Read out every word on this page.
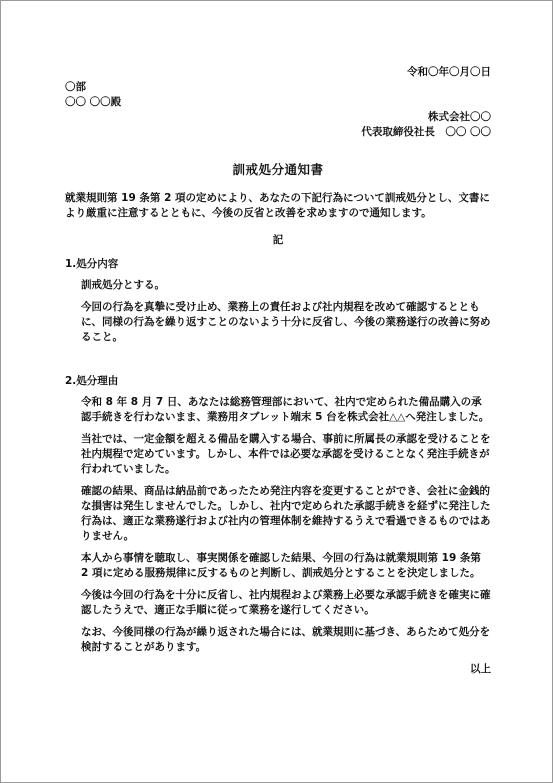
令和〇年〇月〇日
〇部
〇〇 〇〇殿
株式会社〇〇
代表取締役社長　〇〇 〇〇
訓戒処分通知書

就業規則第 19 条第 2 項の定めにより、あなたの下記行為について訓戒処分とし、文書により厳重に注意するとともに、今後の反省と改善を求めますので通知します。

記
1.処分内容

訓戒処分とする。

今回の行為を真摯に受け止め、業務上の責任および社内規程を改めて確認するとともに、同様の行為を繰り返すことのないよう十分に反省し、今後の業務遂行の改善に努めること。

2.処分理由

令和 8 年 8 月 7 日、あなたは総務管理部において、社内で定められた備品購入の承認手続きを行わないまま、業務用タブレット端末 5 台を株式会社△△へ発注しました。

当社では、一定金額を超える備品を購入する場合、事前に所属長の承認を受けることを社内規程で定めています。しかし、本件では必要な承認を受けることなく発注手続きが行われていました。

確認の結果、商品は納品前であったため発注内容を変更することができ、会社に金銭的な損害は発生しませんでした。しかし、社内で定められた承認手続きを経ずに発注した行為は、適正な業務遂行および社内の管理体制を維持するうえで看過できるものではありません。

本人から事情を聴取し、事実関係を確認した結果、今回の行為は就業規則第 19 条第 2 項に定める服務規律に反するものと判断し、訓戒処分とすることを決定しました。

今後は今回の行為を十分に反省し、社内規程および業務上必要な承認手続きを確実に確認したうえで、適正な手順に従って業務を遂行してください。

なお、今後同様の行為が繰り返された場合には、就業規則に基づき、あらためて処分を検討することがあります。

以上
